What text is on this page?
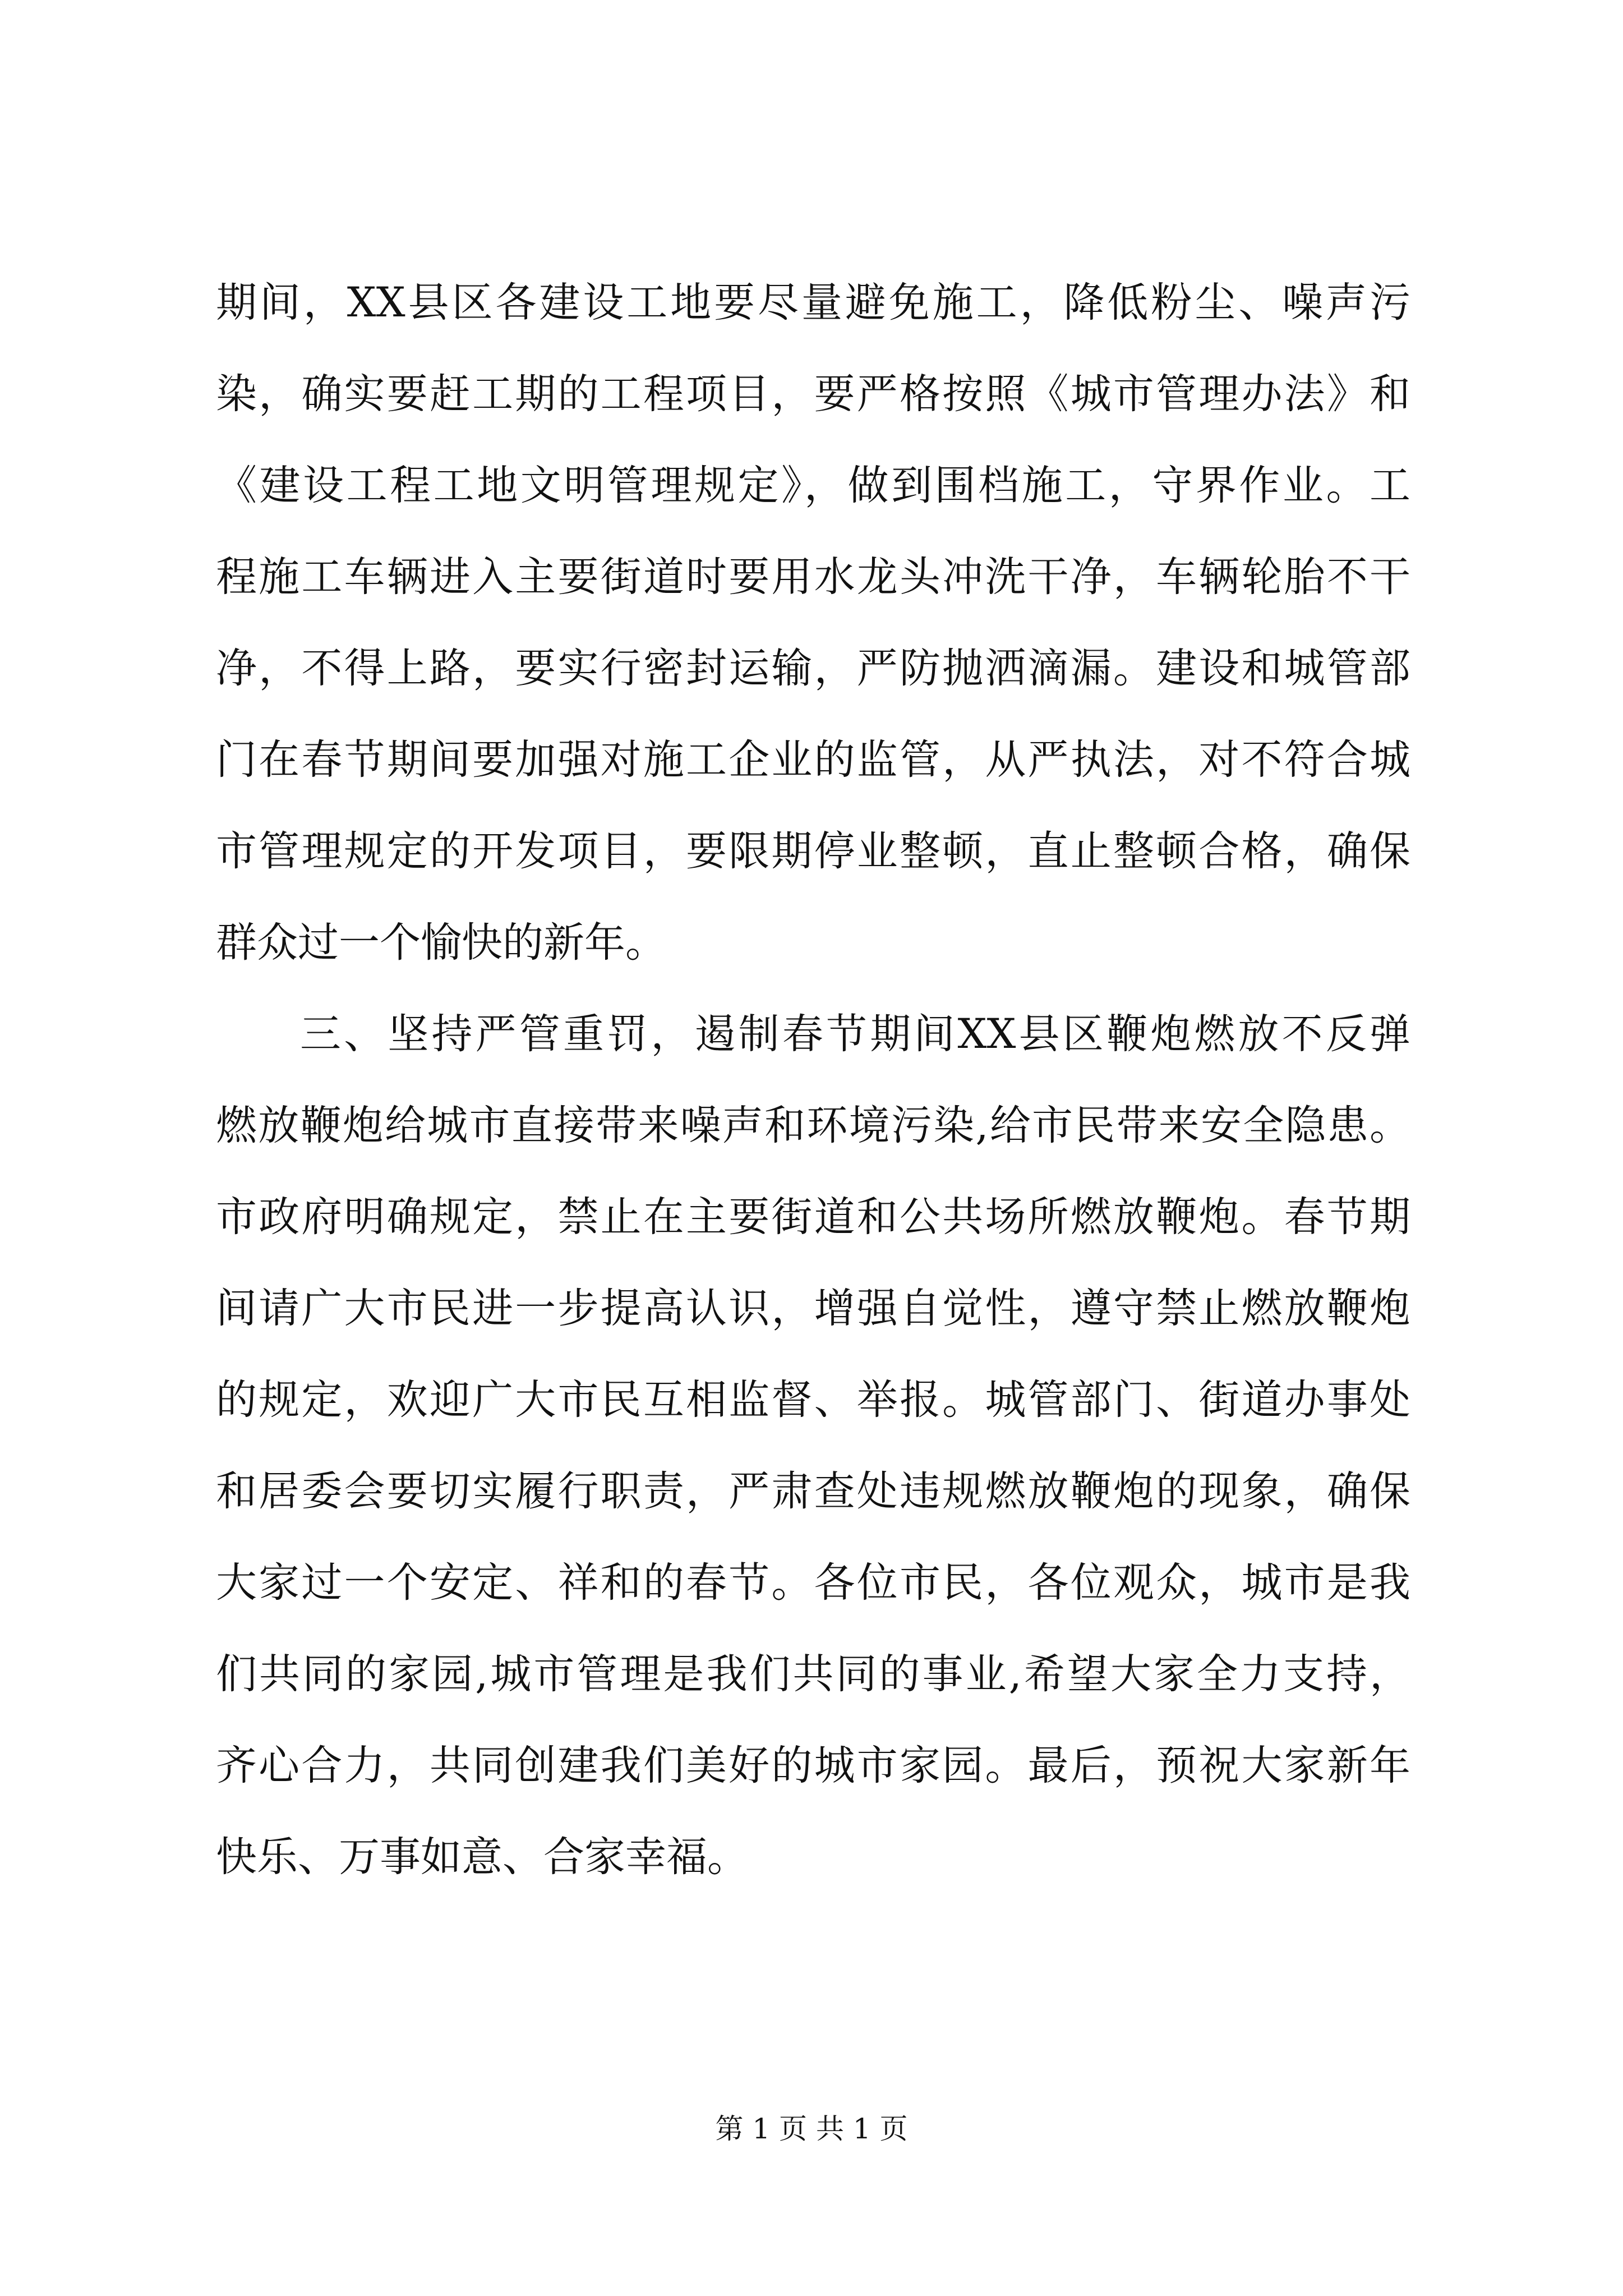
期间，XX县区各建设工地要尽量避免施工，降低粉尘、噪声污
染，确实要赶工期的工程项目，要严格按照《城市管理办法》和
《建设工程工地文明管理规定》，做到围档施工，守界作业。工
程施工车辆进入主要街道时要用水龙头冲洗干净，车辆轮胎不干
净，不得上路，要实行密封运输，严防抛洒滴漏。建设和城管部
门在春节期间要加强对施工企业的监管，从严执法，对不符合城
市管理规定的开发项目，要限期停业整顿，直止整顿合格，确保
群众过一个愉快的新年。
三、坚持严管重罚，遏制春节期间XX县区鞭炮燃放不反弹
燃放鞭炮给城市直接带来噪声和环境污染,给市民带来安全隐患。
市政府明确规定，禁止在主要街道和公共场所燃放鞭炮。春节期
间请广大市民进一步提高认识，增强自觉性，遵守禁止燃放鞭炮
的规定，欢迎广大市民互相监督、举报。城管部门、街道办事处
和居委会要切实履行职责，严肃查处违规燃放鞭炮的现象，确保
大家过一个安定、祥和的春节。各位市民，各位观众，城市是我
们共同的家园,城市管理是我们共同的事业,希望大家全力支持，
齐心合力，共同创建我们美好的城市家园。最后，预祝大家新年
快乐、万事如意、合家幸福。
第 1 页 共 1 页
